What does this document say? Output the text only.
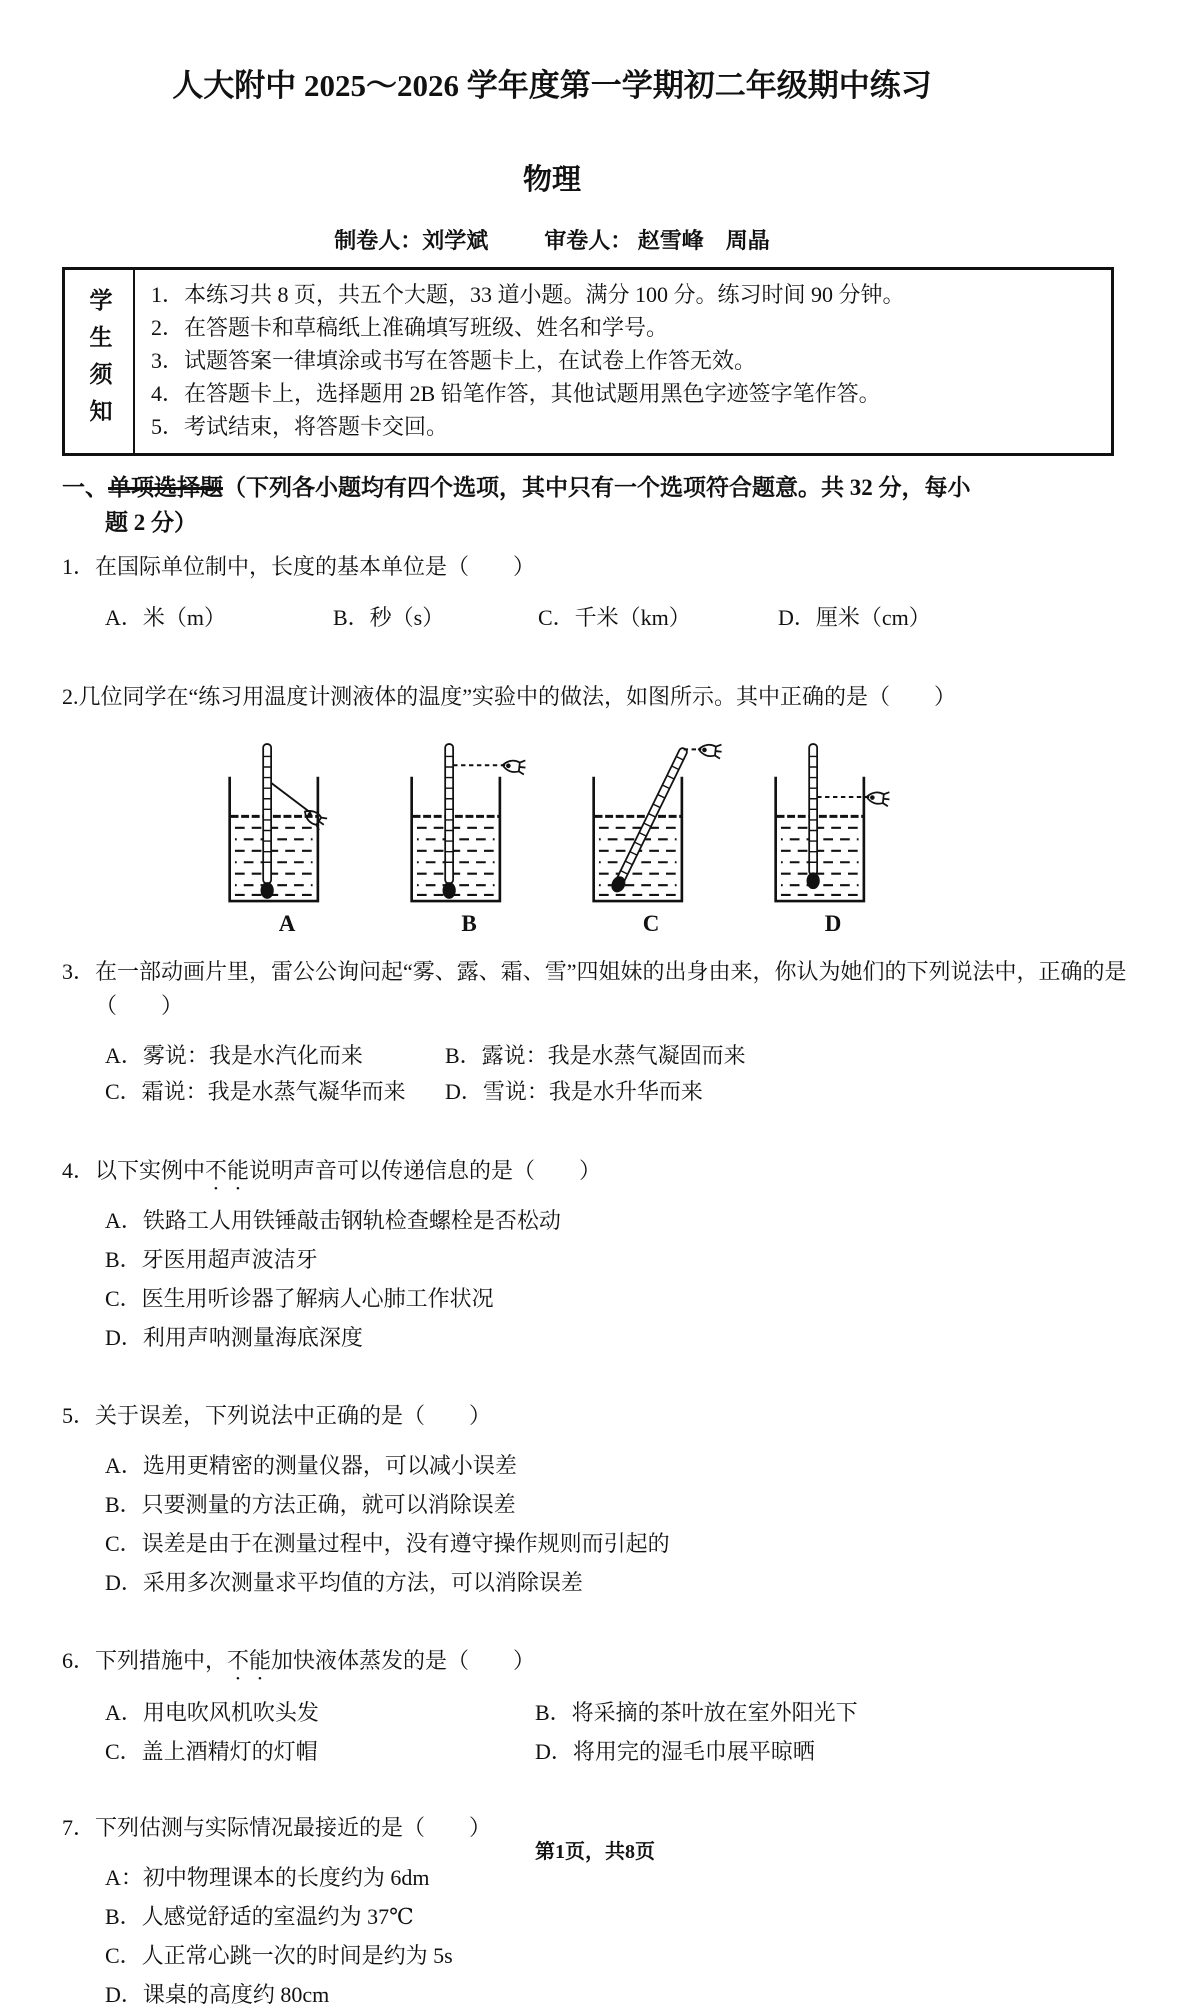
人大附中 2025～2026 学年度第一学期初二年级期中练习
物理
制卷人：刘学斌	审卷人： 赵雪峰　周晶
学生须知	1．本练习共 8 页，共五个大题，33 道小题。满分 100 分。练习时间 90 分钟。
2．在答题卡和草稿纸上准确填写班级、姓名和学号。
3．试题答案一律填涂或书写在答题卡上，在试卷上作答无效。
4．在答题卡上，选择题用 2B 铅笔作答，其他试题用黑色字迹签字笔作答。
5．考试结束，将答题卡交回。
一、单项选择题（下列各小题均有四个选项，其中只有一个选项符合题意。共 32 分，每小
题 2 分）
1．在国际单位制中，长度的基本单位是（　　）
A．米（m）	B．秒（s）	C．千米（km）	D．厘米（cm）
2.几位同学在“练习用温度计测液体的温度”实验中的做法，如图所示。其中正确的是（　　）
A	B	C	D
3．在一部动画片里，雷公公询问起“雾、露、霜、雪”四姐妹的出身由来，你认为她们的下列说法中，正确的是（　　）
A．雾说：我是水汽化而来	B．露说：我是水蒸气凝固而来
C．霜说：我是水蒸气凝华而来	D．雪说：我是水升华而来
4．以下实例中不能说明声音可以传递信息的是（　　）
A．铁路工人用铁锤敲击钢轨检查螺栓是否松动
B．牙医用超声波洁牙
C．医生用听诊器了解病人心肺工作状况
D．利用声呐测量海底深度
5．关于误差，下列说法中正确的是（　　）
A．选用更精密的测量仪器，可以减小误差
B．只要测量的方法正确，就可以消除误差
C．误差是由于在测量过程中，没有遵守操作规则而引起的
D．采用多次测量求平均值的方法，可以消除误差
6．下列措施中，不能加快液体蒸发的是（　　）
A．用电吹风机吹头发	B．将采摘的茶叶放在室外阳光下
C．盖上酒精灯的灯帽	D．将用完的湿毛巾展平晾晒
7．下列估测与实际情况最接近的是（　　）
A：初中物理课本的长度约为 6dm
B．人感觉舒适的室温约为 37℃
C．人正常心跳一次的时间是约为 5s
D．课桌的高度约 80cm
第1页，共8页
